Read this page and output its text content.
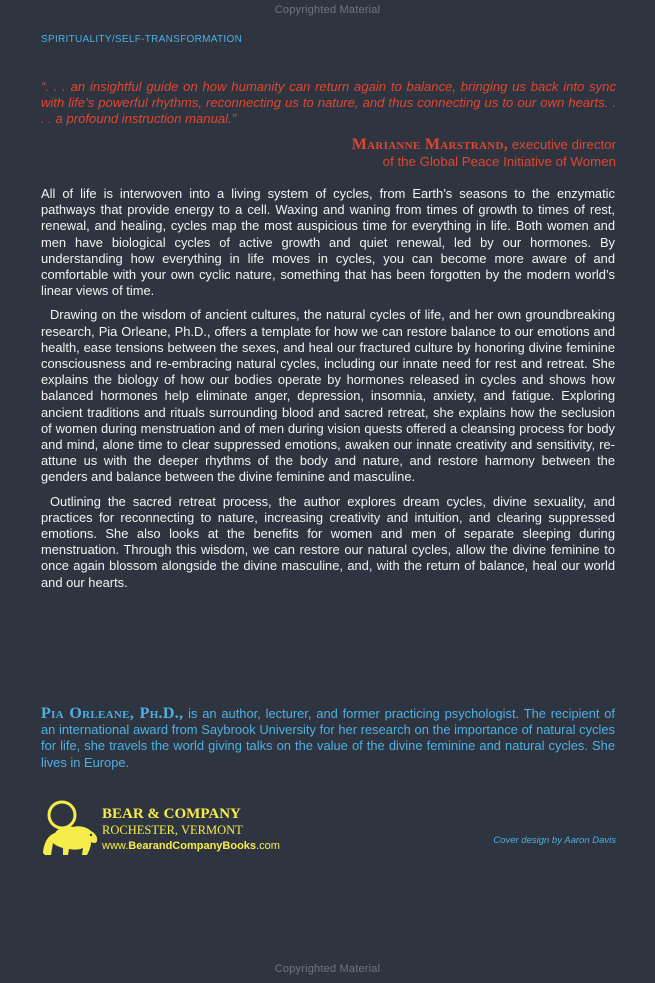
Copyrighted Material
SPIRITUALITY/SELF-TRANSFORMATION
“. . . an insightful guide on how humanity can return again to balance, bringing us back into sync with life’s powerful rhythms, reconnecting us to nature, and thus connecting us to our own hearts. . . . a profound instruction manual.”
Marianne Marstrand, executive director
of the Global Peace Initiative of Women

All of life is interwoven into a living system of cycles, from Earth’s seasons to the enzymatic pathways that provide energy to a cell. Waxing and waning from times of growth to times of rest, renewal, and healing, cycles map the most auspicious time for everything in life. Both women and men have biological cycles of active growth and quiet renewal, led by our hormones. By understanding how everything in life moves in cycles, you can become more aware of and comfortable with your own cyclic nature, something that has been forgotten by the modern world’s linear views of time.

Drawing on the wisdom of ancient cultures, the natural cycles of life, and her own groundbreaking research, Pia Orleane, Ph.D., offers a template for how we can restore balance to our emotions and health, ease tensions between the sexes, and heal our fractured culture by honoring divine feminine consciousness and re-embracing natural cycles, including our innate need for rest and retreat. She explains the biology of how our bodies operate by hormones released in cycles and shows how balanced hormones help eliminate anger, depression, insomnia, anxiety, and fatigue. Exploring ancient traditions and rituals surrounding blood and sacred retreat, she explains how the seclusion of women during menstruation and of men during vision quests offered a cleansing process for body and mind, alone time to clear suppressed emotions, awaken our innate creativity and sensitivity, re-attune us with the deeper rhythms of the body and nature, and restore harmony between the genders and balance between the divine feminine and masculine.

Outlining the sacred retreat process, the author explores dream cycles, divine sexuality, and practices for reconnecting to nature, increasing creativity and intuition, and clearing suppressed emotions. She also looks at the benefits for women and men of separate sleeping during menstruation. Through this wisdom, we can restore our natural cycles, allow the divine feminine to once again blossom alongside the divine masculine, and, with the return of balance, heal our world and our hearts.

Pia Orleane, Ph.D., is an author, lecturer, and former practicing psychologist. The recipient of an international award from Saybrook University for her research on the importance of natural cycles for life, she travels the world giving talks on the value of the divine feminine and natural cycles. She lives in Europe.
BEAR & COMPANY
ROCHESTER, VERMONT
www.BearandCompanyBooks.com	Cover design by Aaron Davis
Copyrighted Material
